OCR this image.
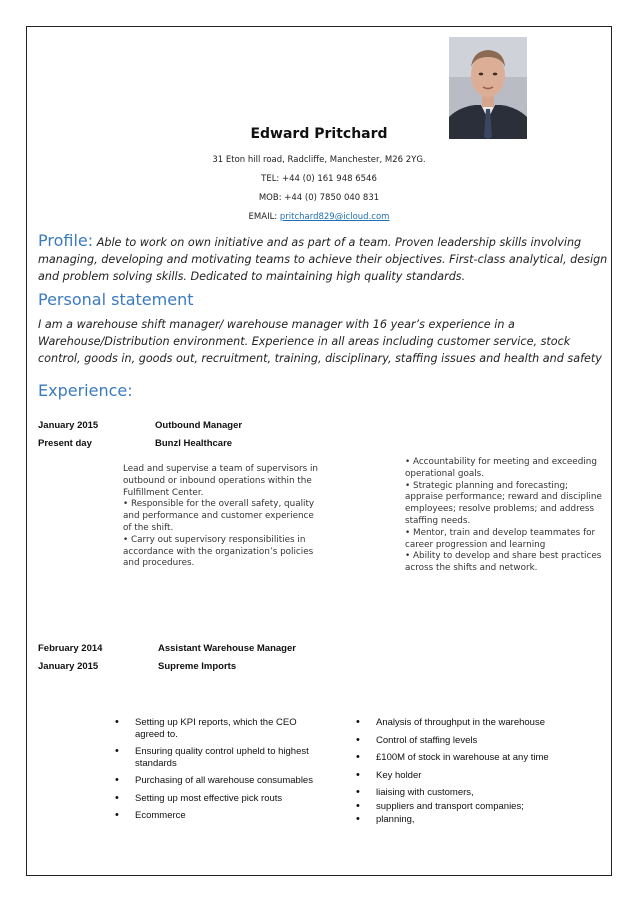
Edward Pritchard
31 Eton hill road, Radcliffe, Manchester, M26 2YG.
TEL: +44 (0) 161 948 6546
MOB: +44 (0) 7850 040 831
EMAIL: pritchard829@icloud.com
Profile: Able to work on own initiative and as part of a team. Proven leadership skills involving managing, developing and motivating teams to achieve their objectives. First-class analytical, design and problem solving skills. Dedicated to maintaining high quality standards.
Personal statement
I am a warehouse shift manager/ warehouse manager with 16 year’s experience in a Warehouse/Distribution environment. Experience in all areas including customer service, stock control, goods in, goods out, recruitment, training, disciplinary, staffing issues and health and safety
Experience:
January 2015	Outbound Manager
Present day	Bunzl Healthcare
Lead and supervise a team of supervisors in
outbound or inbound operations within the
Fulfillment Center.
• Responsible for the overall safety, quality
and performance and customer experience
of the shift.
• Carry out supervisory responsibilities in
accordance with the organization’s policies
and procedures.
• Accountability for meeting and exceeding
operational goals.
• Strategic planning and forecasting;
appraise performance; reward and discipline
employees; resolve problems; and address
staffing needs.
• Mentor, train and develop teammates for
career progression and learning
• Ability to develop and share best practices
across the shifts and network.
February 2014	Assistant Warehouse Manager
January 2015	Supreme Imports
• Setting up KPI reports, which the CEO agreed to.
• Ensuring quality control upheld to highest standards
• Purchasing of all warehouse consumables
• Setting up most effective pick routs
• Ecommerce
• Analysis of throughput in the warehouse
• Control of staffing levels
• £100M of stock in warehouse at any time
• Key holder
• liaising with customers,
• suppliers and transport companies;
• planning,
